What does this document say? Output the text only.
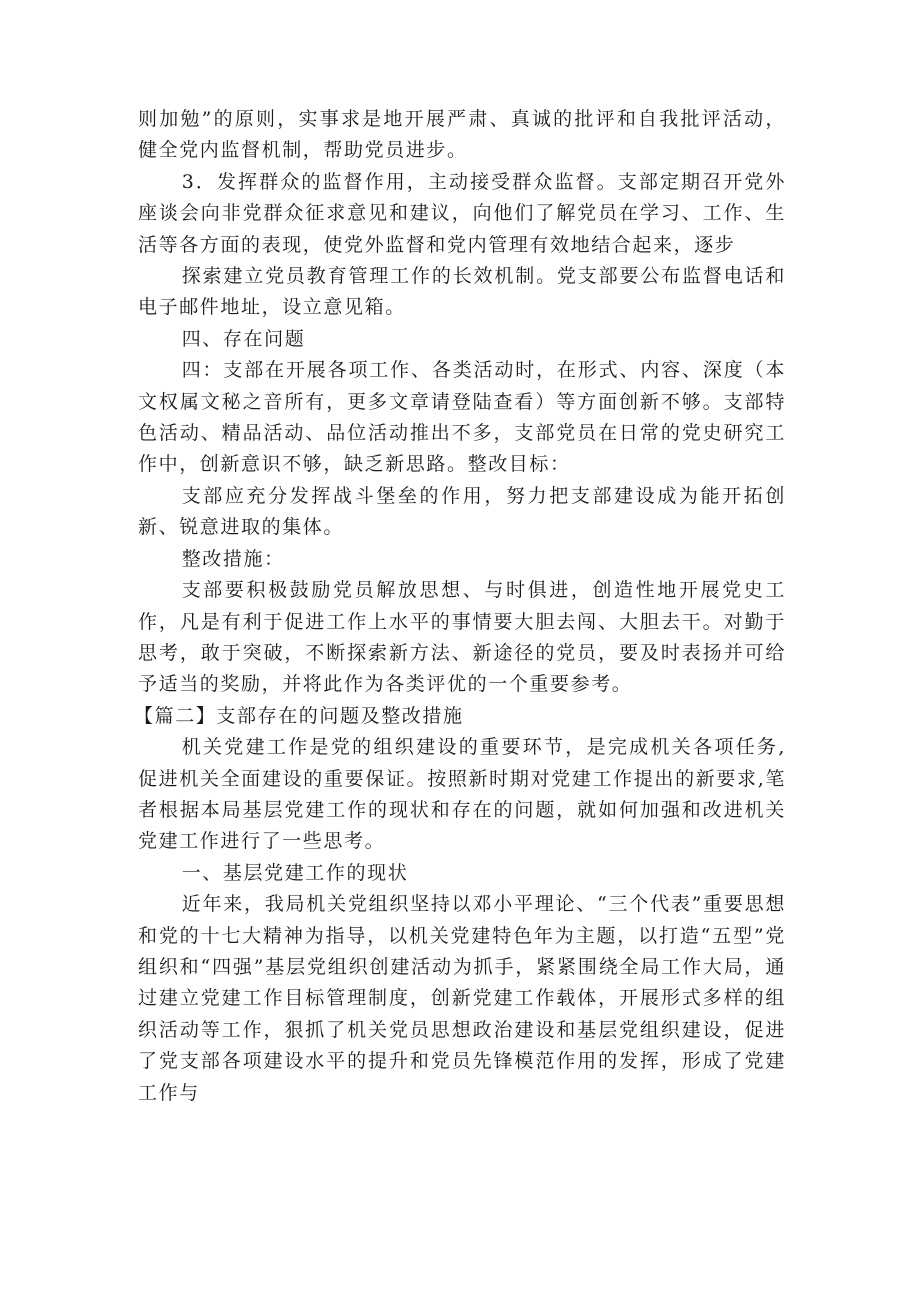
则加勉”的原则，实事求是地开展严肃、真诚的批评和自我批评活动，健全党内监督机制，帮助党员进步。

3．发挥群众的监督作用，主动接受群众监督。支部定期召开党外座谈会向非党群众征求意见和建议，向他们了解党员在学习、工作、生活等各方面的表现，使党外监督和党内管理有效地结合起来，逐步

探索建立党员教育管理工作的长效机制。党支部要公布监督电话和电子邮件地址，设立意见箱。

四、存在问题

四：支部在开展各项工作、各类活动时，在形式、内容、深度（本文权属文秘之音所有，更多文章请登陆查看）等方面创新不够。支部特色活动、精品活动、品位活动推出不多，支部党员在日常的党史研究工作中，创新意识不够，缺乏新思路。整改目标：

支部应充分发挥战斗堡垒的作用，努力把支部建设成为能开拓创新、锐意进取的集体。

整改措施：

支部要积极鼓励党员解放思想、与时俱进，创造性地开展党史工作，凡是有利于促进工作上水平的事情要大胆去闯、大胆去干。对勤于思考，敢于突破，不断探索新方法、新途径的党员，要及时表扬并可给予适当的奖励，并将此作为各类评优的一个重要参考。

【篇二】支部存在的问题及整改措施

机关党建工作是党的组织建设的重要环节，是完成机关各项任务,促进机关全面建设的重要保证。按照新时期对党建工作提出的新要求,笔者根据本局基层党建工作的现状和存在的问题，就如何加强和改进机关党建工作进行了一些思考。

一、基层党建工作的现状

近年来，我局机关党组织坚持以邓小平理论、“三个代表”重要思想和党的十七大精神为指导，以机关党建特色年为主题，以打造“五型”党组织和“四强”基层党组织创建活动为抓手，紧紧围绕全局工作大局，通过建立党建工作目标管理制度，创新党建工作载体，开展形式多样的组织活动等工作，狠抓了机关党员思想政治建设和基层党组织建设，促进了党支部各项建设水平的提升和党员先锋模范作用的发挥，形成了党建工作与
